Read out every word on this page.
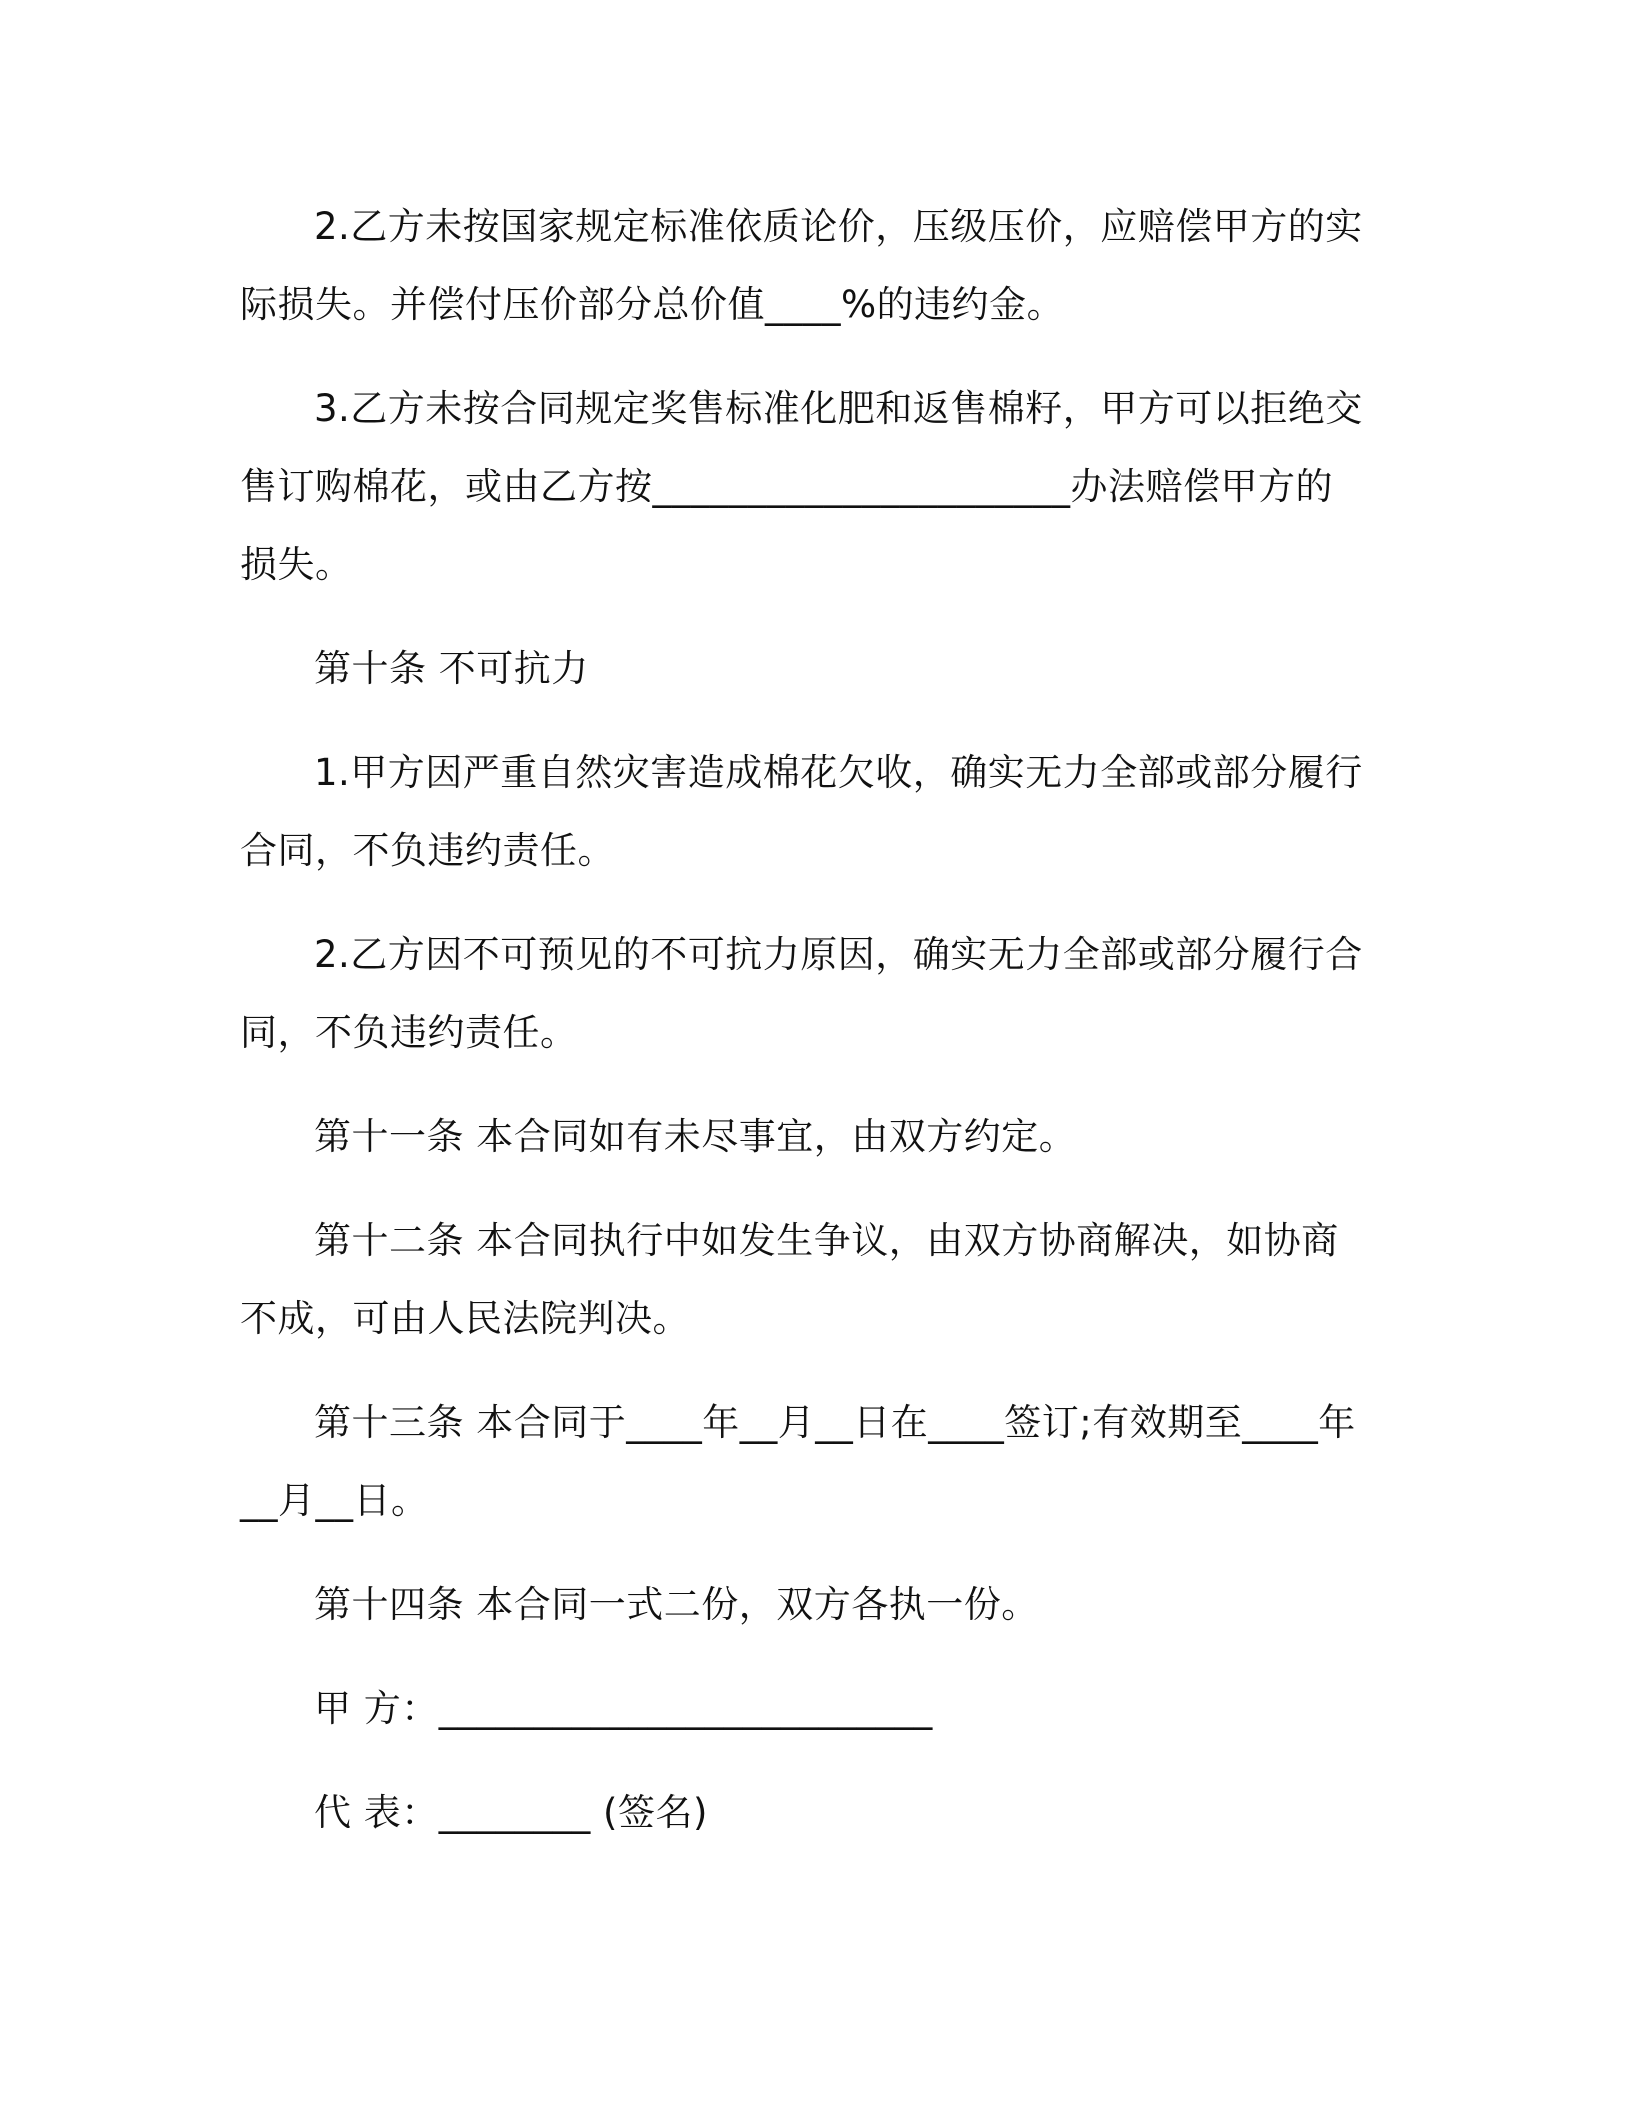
2.乙方未按国家规定标准依质论价，压级压价，应赔偿甲方的实际损失。并偿付压价部分总价值____%的违约金。

3.乙方未按合同规定奖售标准化肥和返售棉籽，甲方可以拒绝交售订购棉花，或由乙方按______________________办法赔偿甲方的损失。

第十条 不可抗力

1.甲方因严重自然灾害造成棉花欠收，确实无力全部或部分履行合同，不负违约责任。

2.乙方因不可预见的不可抗力原因，确实无力全部或部分履行合同，不负违约责任。

第十一条 本合同如有未尽事宜，由双方约定。

第十二条 本合同执行中如发生争议，由双方协商解决，如协商不成，可由人民法院判决。

第十三条 本合同于____年__月__日在____签订;有效期至____年__月__日。

第十四条 本合同一式二份，双方各执一份。

甲 方：__________________________

代 表：________ (签名)
